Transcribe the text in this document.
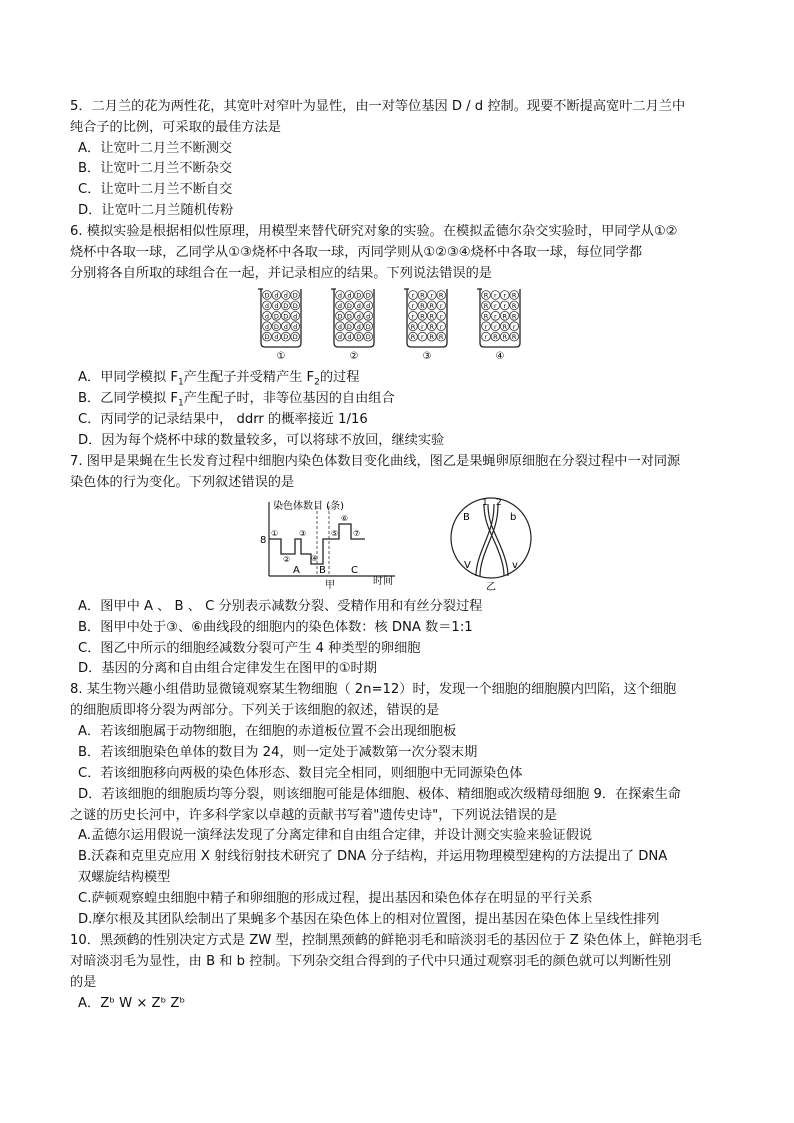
5．二月兰的花为两性花，其宽叶对窄叶为显性，由一对等位基因 D / d 控制。现要不断提高宽叶二月兰中
纯合子的比例，可采取的最佳方法是
A．让宽叶二月兰不断测交
B．让宽叶二月兰不断杂交
C．让宽叶二月兰不断自交
D．让宽叶二月兰随机传粉
6. 模拟实验是根据相似性原理，用模型来替代研究对象的实验。在模拟孟德尔杂交实验时，甲同学从①②
烧杯中各取一球，乙同学从①③烧杯中各取一球，丙同学则从①②③④烧杯中各取一球，每位同学都
分别将各自所取的球组合在一起，并记录相应的结果。下列说法错误的是
D d d D
d d D D
d D D d
d D d d
D d D D
①
d d D D
d D d d
D D d d
d D d D
d d D D
②
r R r R
r R R r
r R R r
R r R r
R r R R
③
R r r R
R r r R
R r R R
r r R r
r R R R
④
A．甲同学模拟 $F_1$产生配子并受精产生 $F_2$的过程
B．乙同学模拟 $F_1$产生配子时，非等位基因的自由组合
C．丙同学的记录结果中， ddrr 的概率接近 1/16
D．因为每个烧杯中球的数量较多，可以将球不放回，继续实验
7. 图甲是果蝇在生长发育过程中细胞内染色体数目变化曲线，图乙是果蝇卵原细胞在分裂过程中一对同源
染色体的行为变化。下列叙述错误的是
染色体数目 (条)
8
时间
甲
A B	C
①
②
③
④
⑤
⑥
⑦
B	b
V	v
1 2
乙
A．图甲中 A 、 B 、 C 分别表示减数分裂、受精作用和有丝分裂过程
B．图甲中处于③、⑥曲线段的细胞内的染色体数：核 DNA 数＝1:1
C．图乙中所示的细胞经减数分裂可产生 4 种类型的卵细胞
D．基因的分离和自由组合定律发生在图甲的①时期
8. 某生物兴趣小组借助显微镜观察某生物细胞（ 2n=12）时，发现一个细胞的细胞膜内凹陷，这个细胞
的细胞质即将分裂为两部分。下列关于该细胞的叙述，错误的是
A．若该细胞属于动物细胞，在细胞的赤道板位置不会出现细胞板
B．若该细胞染色单体的数目为 24，则一定处于减数第一次分裂末期
C．若该细胞移向两极的染色体形态、数目完全相同，则细胞中无同源染色体
D．若该细胞的细胞质均等分裂，则该细胞可能是体细胞、极体、精细胞或次级精母细胞 9．在探索生命
之谜的历史长河中，许多科学家以卓越的贡献书写着"遗传史诗"，下列说法错误的是
A.孟德尔运用假说一演绎法发现了分离定律和自由组合定律，并设计测交实验来验证假说
B.沃森和克里克应用 X 射线衍射技术研究了 DNA 分子结构，并运用物理模型建构的方法提出了 DNA
双螺旋结构模型
C.萨顿观察蝗虫细胞中精子和卵细胞的形成过程，提出基因和染色体存在明显的平行关系
D.摩尔根及其团队绘制出了果蝇多个基因在染色体上的相对位置图，提出基因在染色体上呈线性排列
10．黑颈鹤的性别决定方式是 ZW 型，控制黑颈鹤的鲜艳羽毛和暗淡羽毛的基因位于 Z 染色体上，鲜艳羽毛
对暗淡羽毛为显性，由 B 和 b 控制。下列杂交组合得到的子代中只通过观察羽毛的颜色就可以判断性别
的是
A．Zᵇ W × Zᵇ Zᵇ
